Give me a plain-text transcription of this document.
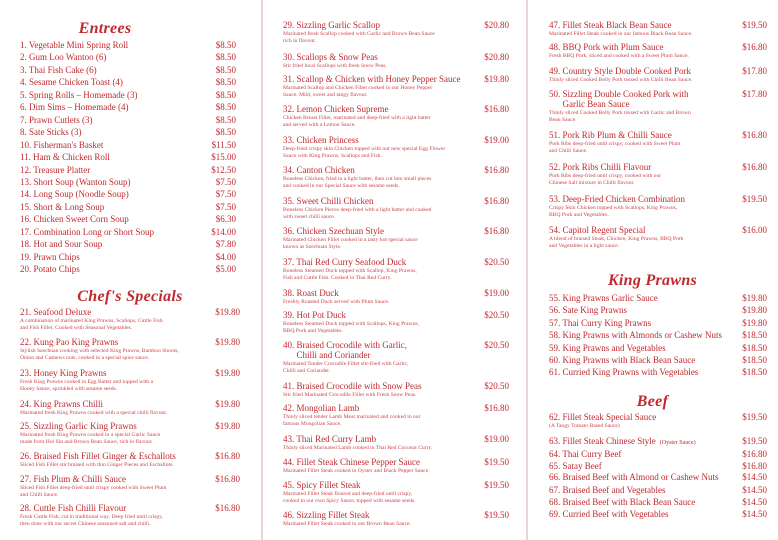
Entrees
1. Vegetable Mini Spring Roll	$8.50
2. Gum Loo Wantoo (6)	$8.50
3. Thai Fish Cake (6)	$8.50
4. Sesame Chicken Toast (4)	$8.50
5. Spring Rolls – Homemade (3)	$8.50
6. Dim Sims – Homemade (4)	$8.50
7. Prawn Cutlets (3)	$8.50
8. Sate Sticks (3)	$8.50
10. Fisherman's Basket	$11.50
11. Ham & Chicken Roll	$15.00
12. Treasure Platter	$12.50
13. Short Soup (Wanton Soup)	$7.50
14. Long Soup (Noodle Soup)	$7.50
15. Short & Long Soup	$7.50
16. Chicken Sweet Corn Soup	$6.30
17. Combination Long or Short Soup	$14.00
18. Hot and Sour Soup	$7.80
19. Prawn Chips	$4.00
20. Potato Chips	$5.00
Chef's Specials
21. Seafood Deluxe	$19.80
A combination of marinated King Prawns, Scallops, Cuttle Fish
and Fish Fillet, Cooked with Seasonal Vegetables.
22. Kung Pao King Prawns	$19.80
Stylish Szechuan cooking with selected King Prawns, Bamboo Shoots,
Onion and Cashews nuts, cooked in a special spice sauce.
23. Honey King Prawns	$19.80
Fresh King Prawns cooked in Egg Batter and topped with a
Honey Sauce, sprinkled with sesame seeds.
24. King Prawns Chilli	$19.80
Marinated fresh King Prawns cooked with a special chilli flavour.
25. Sizzling Garlic King Prawns	$19.80
Marinated fresh King Prawns cooked in a special Garlic Sauce
made from Hoi Sin and Brown Bean Sauce, rich in flavour.
26. Braised Fish Fillet Ginger & Eschallots	$16.80
Sliced Fish Fillet stir braised with thin Ginger Pieces and Eschallots.
27. Fish Plum & Chilli Sauce	$16.80
Sliced Fish Fillet deep-fried until crispy cooked with Sweet Plum
and Chilli Sauce.
28. Cuttle Fish Chilli Flavour	$16.80
Fresh Cuttle Fish, cut in traditional way. Deep fried until crispy,
then done with our secret Chinese seasoned salt and chilli.
29. Sizzling Garlic Scallop	$20.80
Marinated fresh Scallop cooked with Garlic and Brown Bean Sauce
rich in flavour.
30. Scallops & Snow Peas	$20.80
Stir fried local Scallops with fresh Snow Peas.
31. Scallop & Chicken with Honey Pepper Sauce	$19.80
Marinated Scallop and Chicken Fillet cooked in our Honey Pepper
Sauce. Mild, sweet and tangy flavour.
32. Lemon Chicken Supreme	$16.80
Chicken Breast Fillet, marinated and deep-fried with a light batter
and served with a Lemon Sauce.
33. Chicken Princess	$19.00
Deep-fried crispy skin Chicken topped with our new special Egg Flower
Sauce with King Prawns, Scallops and Fish.
34. Canton Chicken	$16.80
Boneless Chicken, fried in a light batter, then cut into small pieces
and cooked in our Special Sauce with sesame seeds.
35. Sweet Chilli Chicken	$16.80
Boneless Chicken Pieces deep-fried with a light batter and cooked
with sweet chilli sauce.
36. Chicken Szechuan Style	$16.80
Marinated Chicken Fillet cooked in a tasty hot special sauce
known as Szechuan Style.
37. Thai Red Curry Seafood Duck	$20.50
Boneless Steamed Duck topped with Scallop, King Prawns,
Fish and Cuttle Fish. Cooked in Thai Red Curry.
38. Roast Duck	$19.00
Freshly Roasted Duck served with Plum Sauce.
39. Hot Pot Duck	$20.50
Boneless Steamed Duck topped with Scallops, King Prawns,
BBQ Pork and Vegetables.
40. Braised Crocodile with Garlic,
Chilli and Coriander
$20.50
Marinated Tender Crocodile Fillet stir-fried with Garlic,
Chilli and Coriander.
41. Braised Crocodile with Snow Peas	$20.50
Stir fried Marinated Crocodile Fillet with Fresh Snow Peas.
42. Mongolian Lamb	$16.80
Thinly sliced tender Lamb Meat marinated and cooked in our
famous Mongolian Sauce.
43. Thai Red Curry Lamb	$19.00
Thinly sliced Marinated Lamb cooked in Thai Red Coconut Curry.
44. Fillet Steak Chinese Pepper Sauce	$19.50
Marinated Fillet Steak cooked in Oyster and Black Pepper Sauce.
45. Spicy Fillet Steak	$19.50
Marinated Fillet Steak floured and deep-fried until crispy,
cooked in our own Spicy Sauce, topped with sesame seeds.
46. Sizzling Fillet Steak	$19.50
Marinated Fillet Steak cooked in our Brown Bean Sauce.
47. Fillet Steak Black Bean Sauce	$19.50
Marinated Fillet Steak cooked in our famous Black Bean Sauce.
48. BBQ Pork with Plum Sauce	$16.80
Fresh BBQ Pork, sliced and cooked with a Sweet Plum Sauce.
49. Country Style Double Cooked Pork	$17.80
Thinly sliced Cooked Belly Pork tossed with Chilli Bean Sauce.
50. Sizzling Double Cooked Pork with
Garlic Bean Sauce
$17.80
Thinly sliced Cooked Belly Pork tossed with Garlic and Brown
Bean Sauce.
51. Pork Rib Plum & Chilli Sauce	$16.80
Pork Ribs deep-fried until crispy, cooked with Sweet Plum
and Chilli Sauce.
52. Pork Ribs Chilli Flavour	$16.80
Pork Ribs deep-fried until crispy, cooked with our
Chinese Salt mixture in Chilli flavour.
53. Deep-Fried Chicken Combination	$19.50
Crispy Skin Chicken topped with Scallops, King Prawns,
BBQ Pork and Vegetables.
54. Capitol Regent Special	$16.00
A blend of braised Steak, Chicken, King Prawns, BBQ Pork
and Vegetables in a light sauce.
King Prawns
55. King Prawns Garlic Sauce	$19.80
56. Sate King Prawns	$19.80
57. Thai Curry King Prawns	$19.80
58. King Prawns with Almonds or Cashew Nuts	$18.50
59. King Prawns and Vegetables	$18.50
60. King Prawns with Black Bean Sauce	$18.50
61. Curried King Prawns with Vegetables	$18.50
Beef
62. Fillet Steak Special Sauce	$19.50
(A Tangy Tomato Based Sauce)
63. Fillet Steak Chinese Style (Oyster Sauce)	$19.50
64. Thai Curry Beef	$16.80
65. Satay Beef	$16.80
66. Braised Beef with Almond or Cashew Nuts	$14.50
67. Braised Beef and Vegetables	$14.50
68. Braised Beef with Black Bean Sauce	$14.50
69. Curried Beef with Vegetables	$14.50
